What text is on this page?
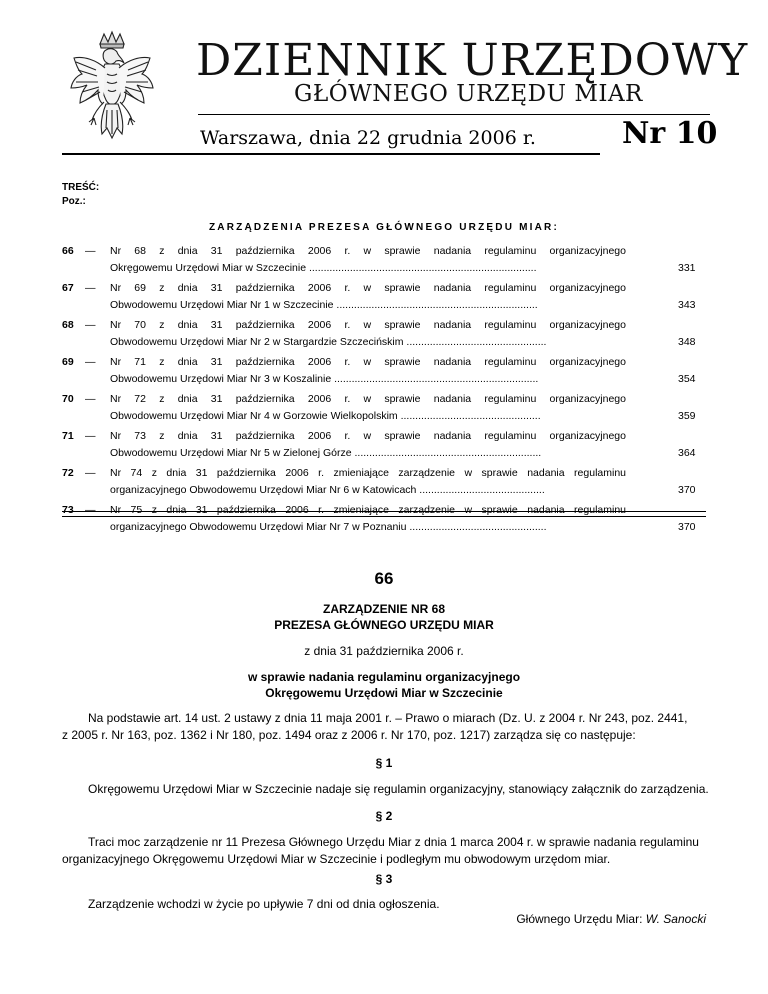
DZIENNIK URZĘDOWY
GŁÓWNEGO URZĘDU MIAR
Warszawa, dnia 22 grudnia 2006 r.	Nr 10
TREŚĆ:
Poz.:
ZARZĄDZENIA PREZESA GŁÓWNEGO URZĘDU MIAR:
66 — Nr 68 z dnia 31 października 2006 r. w sprawie nadania regulaminu organizacyjnego
Okręgowemu Urzędowi Miar w Szczecinie ..............................................................................	331
67 — Nr 69 z dnia 31 października 2006 r. w sprawie nadania regulaminu organizacyjnego
Obwodowemu Urzędowi Miar Nr 1 w Szczecinie .....................................................................	343
68 — Nr 70 z dnia 31 października 2006 r. w sprawie nadania regulaminu organizacyjnego
Obwodowemu Urzędowi Miar Nr 2 w Stargardzie Szczecińskim ................................................	348
69 — Nr 71 z dnia 31 października 2006 r. w sprawie nadania regulaminu organizacyjnego
Obwodowemu Urzędowi Miar Nr 3 w Koszalinie ......................................................................	354
70 — Nr 72 z dnia 31 października 2006 r. w sprawie nadania regulaminu organizacyjnego
Obwodowemu Urzędowi Miar Nr 4 w Gorzowie Wielkopolskim ................................................	359
71 — Nr 73 z dnia 31 października 2006 r. w sprawie nadania regulaminu organizacyjnego
Obwodowemu Urzędowi Miar Nr 5 w Zielonej Górze ................................................................	364
72 — Nr 74 z dnia 31 października 2006 r. zmieniające zarządzenie w sprawie nadania regulaminu
organizacyjnego Obwodowemu Urzędowi Miar Nr 6 w Katowicach ...........................................	370
73 — Nr 75 z dnia 31 października 2006 r. zmieniające zarządzenie w sprawie nadania regulaminu
organizacyjnego Obwodowemu Urzędowi Miar Nr 7 w Poznaniu ...............................................	370
66
ZARZĄDZENIE NR 68
PREZESA GŁÓWNEGO URZĘDU MIAR
z dnia 31 października 2006 r.
w sprawie nadania regulaminu organizacyjnego
Okręgowemu Urzędowi Miar w Szczecinie
Na podstawie art. 14 ust. 2 ustawy z dnia 11 maja 2001 r. – Prawo o miarach (Dz. U. z 2004 r. Nr 243, poz. 2441,
z 2005 r. Nr 163, poz. 1362 i Nr 180, poz. 1494 oraz z 2006 r. Nr 170, poz. 1217) zarządza się co następuje:
§ 1
Okręgowemu Urzędowi Miar w Szczecinie nadaje się regulamin organizacyjny, stanowiący załącznik do zarządzenia.
§ 2
Traci moc zarządzenie nr 11 Prezesa Głównego Urzędu Miar z dnia 1 marca 2004 r. w sprawie nadania regulaminu
organizacyjnego Okręgowemu Urzędowi Miar w Szczecinie i podległym mu obwodowym urzędom miar.
§ 3
Zarządzenie wchodzi w życie po upływie 7 dni od dnia ogłoszenia.
Głównego Urzędu Miar: W. Sanocki
